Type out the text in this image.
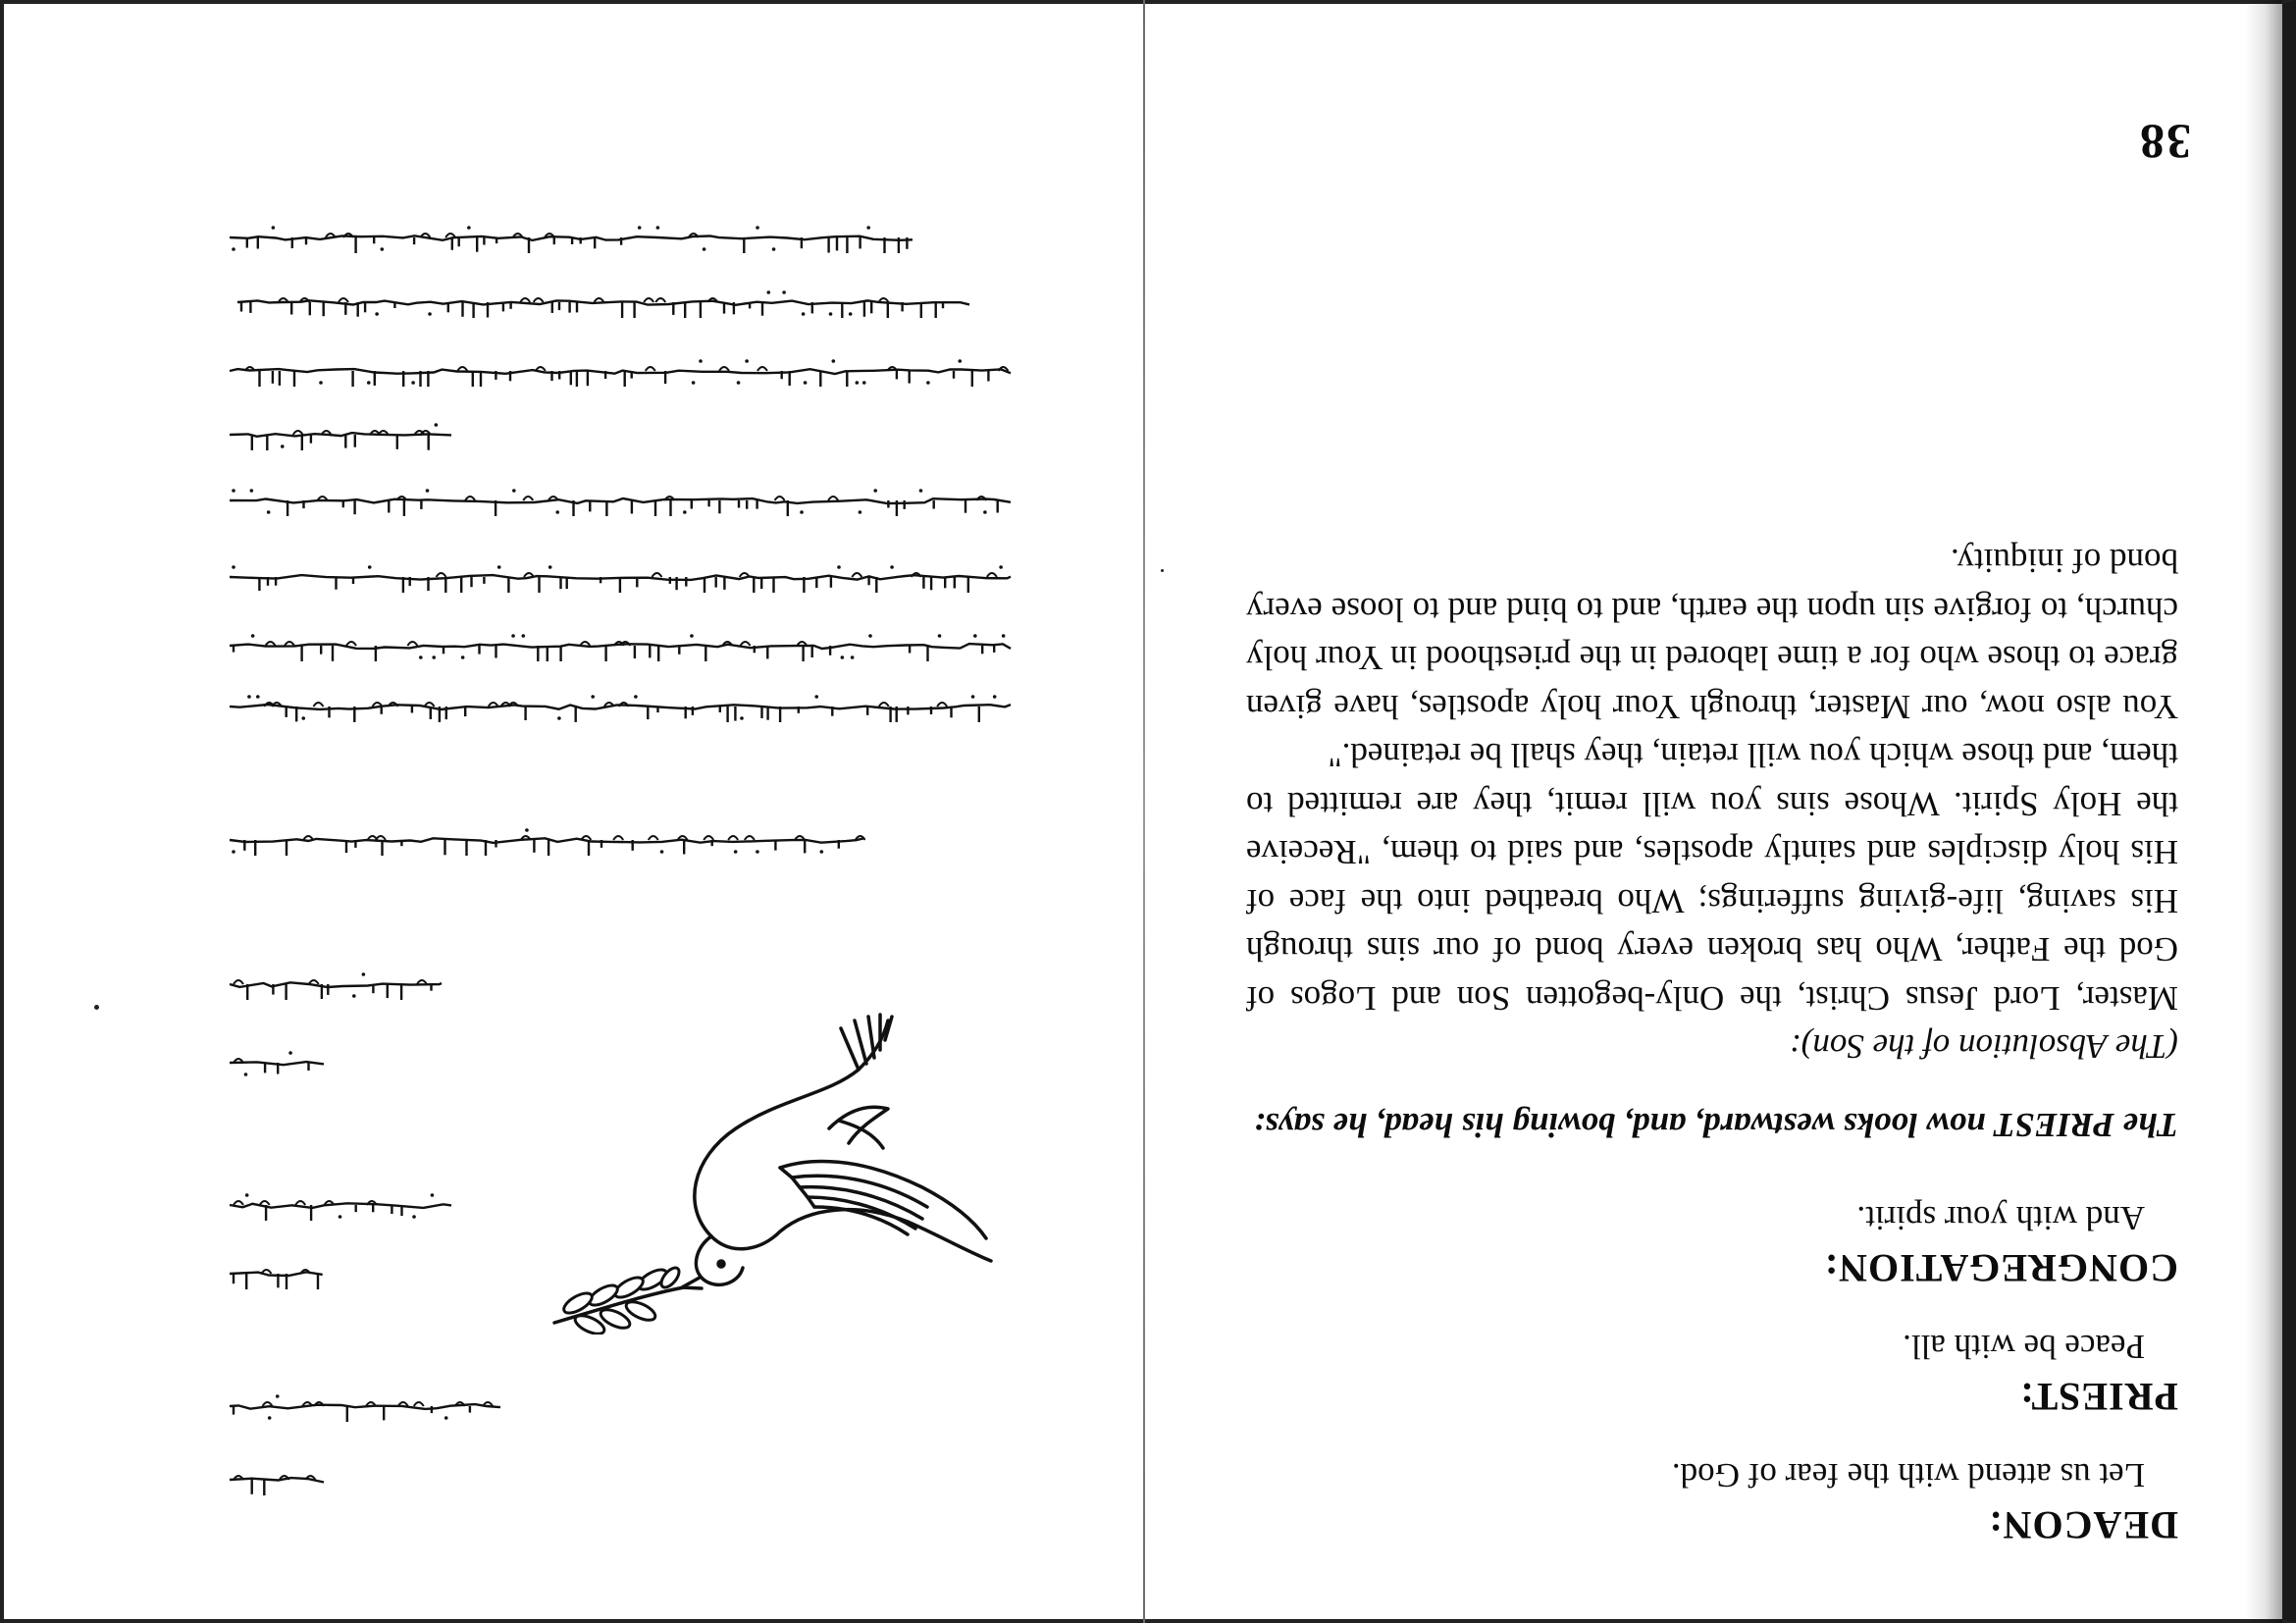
DEACON:

Let us attend with the fear of God.

PRIEST:

Peace be with all.

CONGREGATION:

And with your spirit.

The PRIEST now looks westward, and, bowing his head, he says:

(The Absolution of the Son):

Master, Lord Jesus Christ, the Only-begotten Son and Logos of God the Father, Who has broken every bond of our sins through His saving, life-giving sufferings; Who breathed into the face of His holy disciples and saintly apostles, and said to them, "Receive the Holy Spirit. Whose sins you will remit, they are remitted to them, and those which you will retain, they shall be retained."

You also now, our Master, through Your holy apostles, have given grace to those who for a time labored in the priesthood in Your holy church, to forgive sin upon the earth, and to bind and to loose every bond of iniquity.

38
